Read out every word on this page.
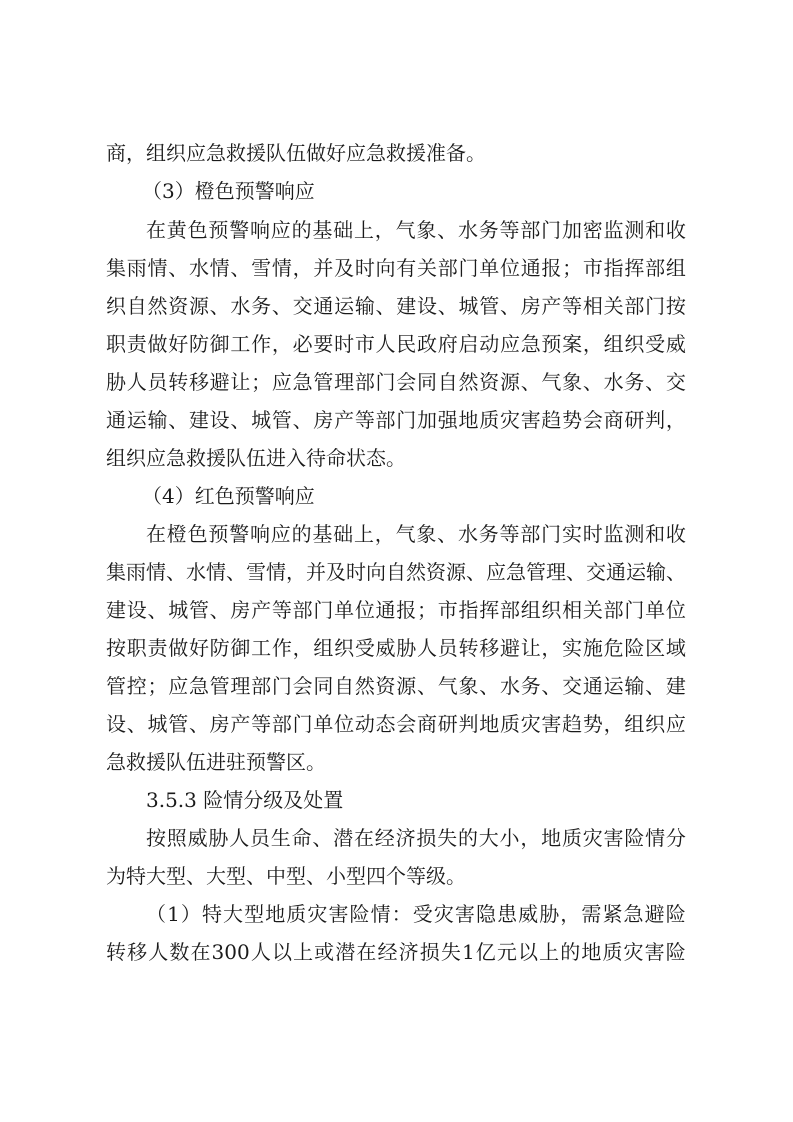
商，组织应急救援队伍做好应急救援准备。
（3）橙色预警响应
在 黄 色 预 警 响 应 的 基 础 上 ， 气 象 、 水 务 等 部 门 加 密 监 测 和 收
集 雨 情 、 水 情 、 雪 情 ， 并 及 时 向 有 关 部 门 单 位 通 报 ； 市 指 挥 部 组
织 自 然 资 源 、 水 务 、 交 通 运 输 、 建 设 、 城 管 、 房 产 等 相 关 部 门 按
职 责 做 好 防 御 工 作 ， 必 要 时 市 人 民 政 府 启 动 应 急 预 案 ， 组 织 受 威
胁 人 员 转 移 避 让 ； 应 急 管 理 部 门 会 同 自 然 资 源 、 气 象 、 水 务 、 交
通 运 输 、 建 设 、 城 管 、 房 产 等 部 门 加 强 地 质 灾 害 趋 势 会 商 研 判 ，
组织应急救援队伍进入待命状态。
（4）红色预警响应
在 橙 色 预 警 响 应 的 基 础 上 ， 气 象 、 水 务 等 部 门 实 时 监 测 和 收
集 雨 情 、 水 情 、 雪 情 ， 并 及 时 向 自 然 资 源 、 应 急 管 理 、 交 通 运 输 、
建 设 、 城 管 、 房 产 等 部 门 单 位 通 报 ； 市 指 挥 部 组 织 相 关 部 门 单 位
按 职 责 做 好 防 御 工 作 ， 组 织 受 威 胁 人 员 转 移 避 让 ， 实 施 危 险 区 域
管 控 ； 应 急 管 理 部 门 会 同 自 然 资 源 、 气 象 、 水 务 、 交 通 运 输 、 建
设 、 城 管 、 房 产 等 部 门 单 位 动 态 会 商 研 判 地 质 灾 害 趋 势 ， 组 织 应
急救援队伍进驻预警区。
3.5.3 险情分级及处置
按 照 威 胁 人 员 生 命 、 潜 在 经 济 损 失 的 大 小 ， 地 质 灾 害 险 情 分
为特大型、大型、中型、小型四个等级。
（ 1 ） 特 大 型 地 质 灾 害 险 情 ： 受 灾 害 隐 患 威 胁 ， 需 紧 急 避 险
转 移 人 数 在 300 人 以 上 或 潜 在 经 济 损 失 1 亿 元 以 上 的 地 质 灾 害 险
